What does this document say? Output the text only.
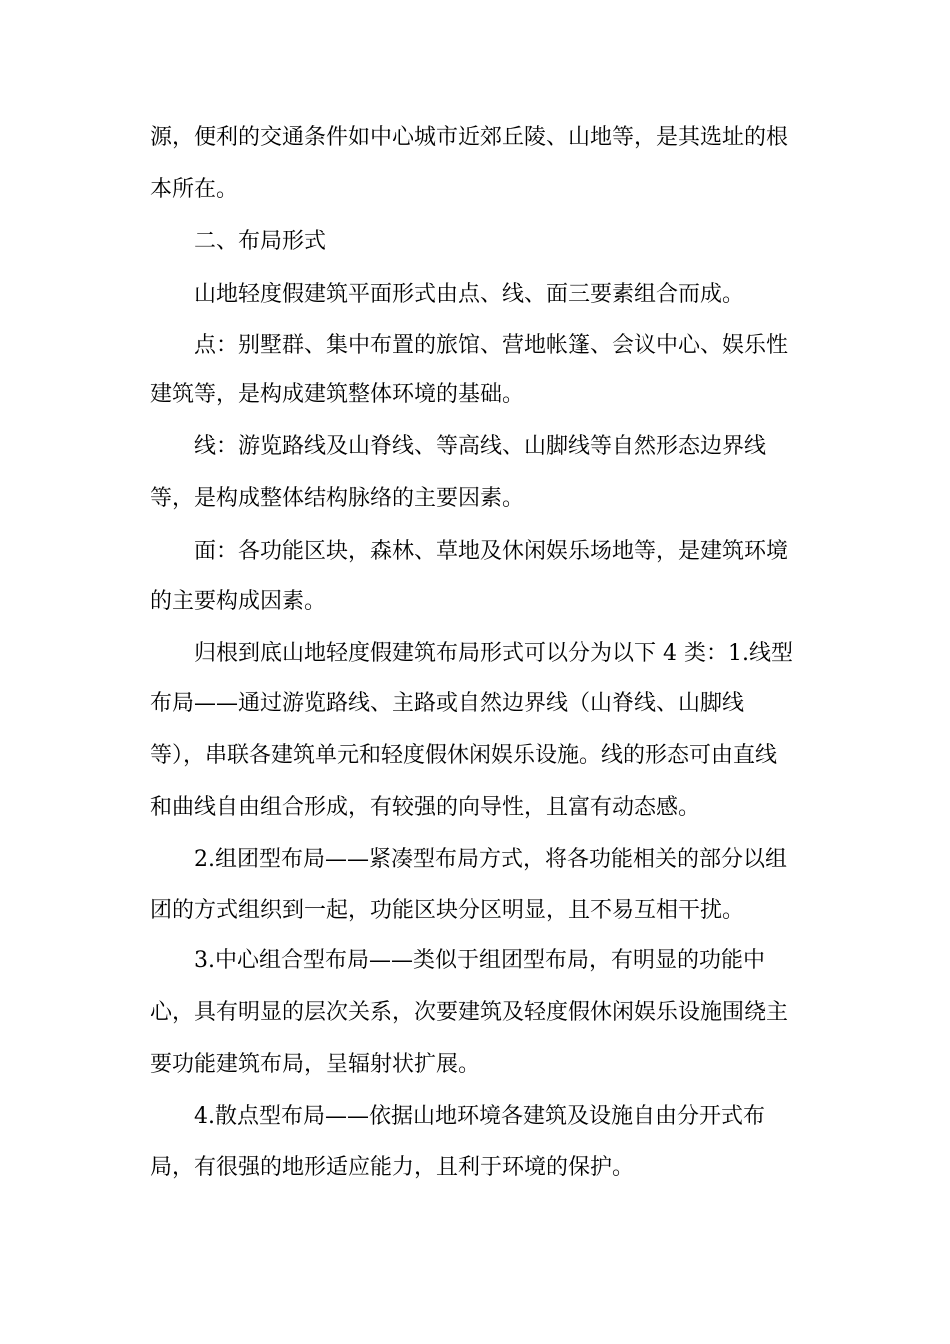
源，便利的交通条件如中心城市近郊丘陵、山地等，是其选址的根
本所在。
二、布局形式
山地轻度假建筑平面形式由点、线、面三要素组合而成。
点：别墅群、集中布置的旅馆、营地帐篷、会议中心、娱乐性
建筑等，是构成建筑整体环境的基础。
线：游览路线及山脊线、等高线、山脚线等自然形态边界线
等，是构成整体结构脉络的主要因素。
面：各功能区块，森林、草地及休闲娱乐场地等，是建筑环境
的主要构成因素。
归根到底山地轻度假建筑布局形式可以分为以下 4 类：1.线型
布局——通过游览路线、主路或自然边界线（山脊线、山脚线
等），串联各建筑单元和轻度假休闲娱乐设施。线的形态可由直线
和曲线自由组合形成，有较强的向导性，且富有动态感。
2.组团型布局——紧凑型布局方式，将各功能相关的部分以组
团的方式组织到一起，功能区块分区明显，且不易互相干扰。
3.中心组合型布局——类似于组团型布局，有明显的功能中
心，具有明显的层次关系，次要建筑及轻度假休闲娱乐设施围绕主
要功能建筑布局，呈辐射状扩展。
4.散点型布局——依据山地环境各建筑及设施自由分开式布
局，有很强的地形适应能力，且利于环境的保护。
